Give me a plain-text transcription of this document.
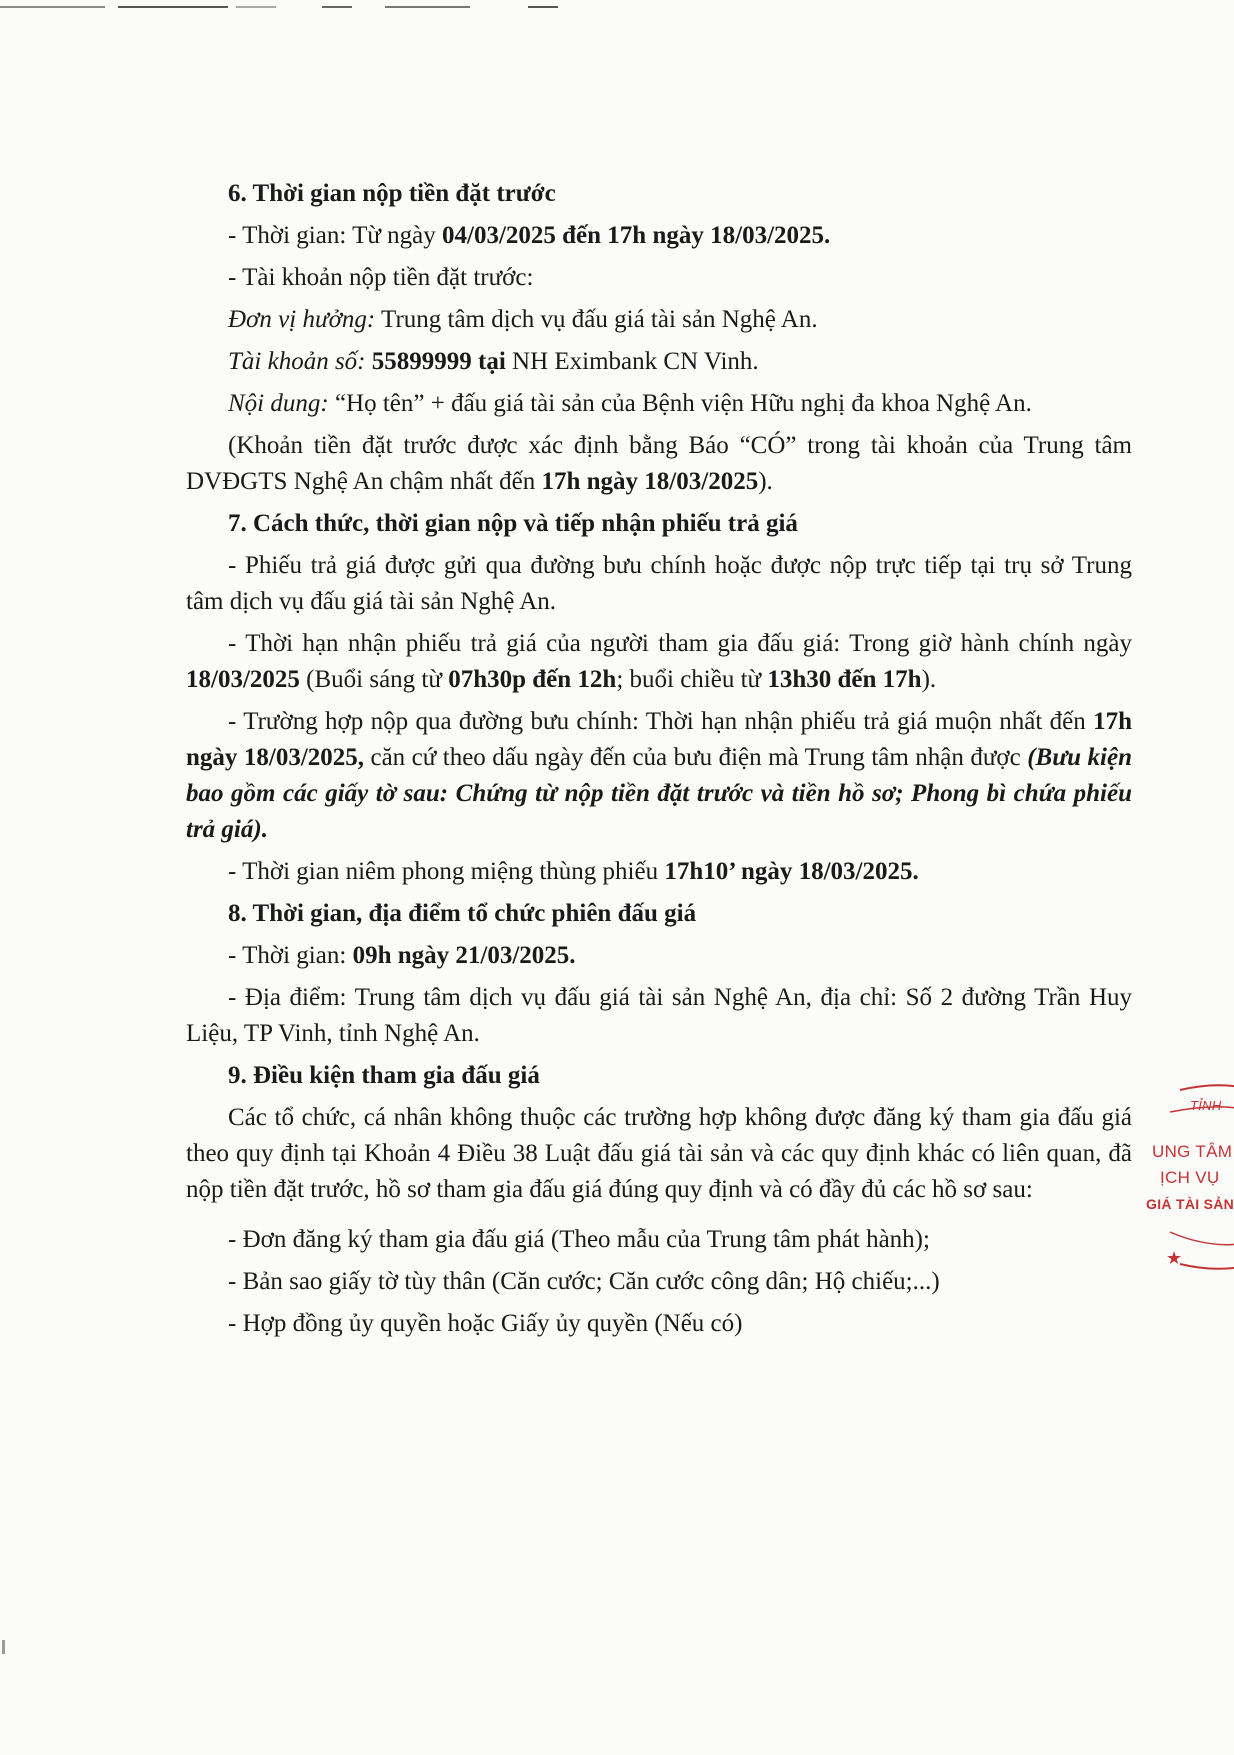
6. Thời gian nộp tiền đặt trước

- Thời gian: Từ ngày 04/03/2025 đến 17h ngày 18/03/2025.

- Tài khoản nộp tiền đặt trước:

Đơn vị hưởng: Trung tâm dịch vụ đấu giá tài sản Nghệ An.

Tài khoản số: 55899999 tại NH Eximbank CN Vinh.

Nội dung: “Họ tên” + đấu giá tài sản của Bệnh viện Hữu nghị đa khoa Nghệ An.

(Khoản tiền đặt trước được xác định bằng Báo “CÓ” trong tài khoản của Trung tâm DVĐGTS Nghệ An chậm nhất đến 17h ngày 18/03/2025).

7. Cách thức, thời gian nộp và tiếp nhận phiếu trả giá

- Phiếu trả giá được gửi qua đường bưu chính hoặc được nộp trực tiếp tại trụ sở Trung tâm dịch vụ đấu giá tài sản Nghệ An.

- Thời hạn nhận phiếu trả giá của người tham gia đấu giá: Trong giờ hành chính ngày 18/03/2025 (Buổi sáng từ 07h30p đến 12h; buổi chiều từ 13h30 đến 17h).

- Trường hợp nộp qua đường bưu chính: Thời hạn nhận phiếu trả giá muộn nhất đến 17h ngày 18/03/2025, căn cứ theo dấu ngày đến của bưu điện mà Trung tâm nhận được (Bưu kiện bao gồm các giấy tờ sau: Chứng từ nộp tiền đặt trước và tiền hồ sơ; Phong bì chứa phiếu trả giá).

- Thời gian niêm phong miệng thùng phiếu 17h10’ ngày 18/03/2025.

8. Thời gian, địa điểm tổ chức phiên đấu giá

- Thời gian: 09h ngày 21/03/2025.

- Địa điểm: Trung tâm dịch vụ đấu giá tài sản Nghệ An, địa chỉ: Số 2 đường Trần Huy Liệu, TP Vinh, tỉnh Nghệ An.

9. Điều kiện tham gia đấu giá

Các tổ chức, cá nhân không thuộc các trường hợp không được đăng ký tham gia đấu giá theo quy định tại Khoản 4 Điều 38 Luật đấu giá tài sản và các quy định khác có liên quan, đã nộp tiền đặt trước, hồ sơ tham gia đấu giá đúng quy định và có đầy đủ các hồ sơ sau:

- Đơn đăng ký tham gia đấu giá (Theo mẫu của Trung tâm phát hành);

- Bản sao giấy tờ tùy thân (Căn cước; Căn cước công dân; Hộ chiếu;...)

- Hợp đồng ủy quyền hoặc Giấy ủy quyền (Nếu có)

TỈNH
UNG TÂM
ỊCH VỤ
GIÁ TÀI SẢN
★
